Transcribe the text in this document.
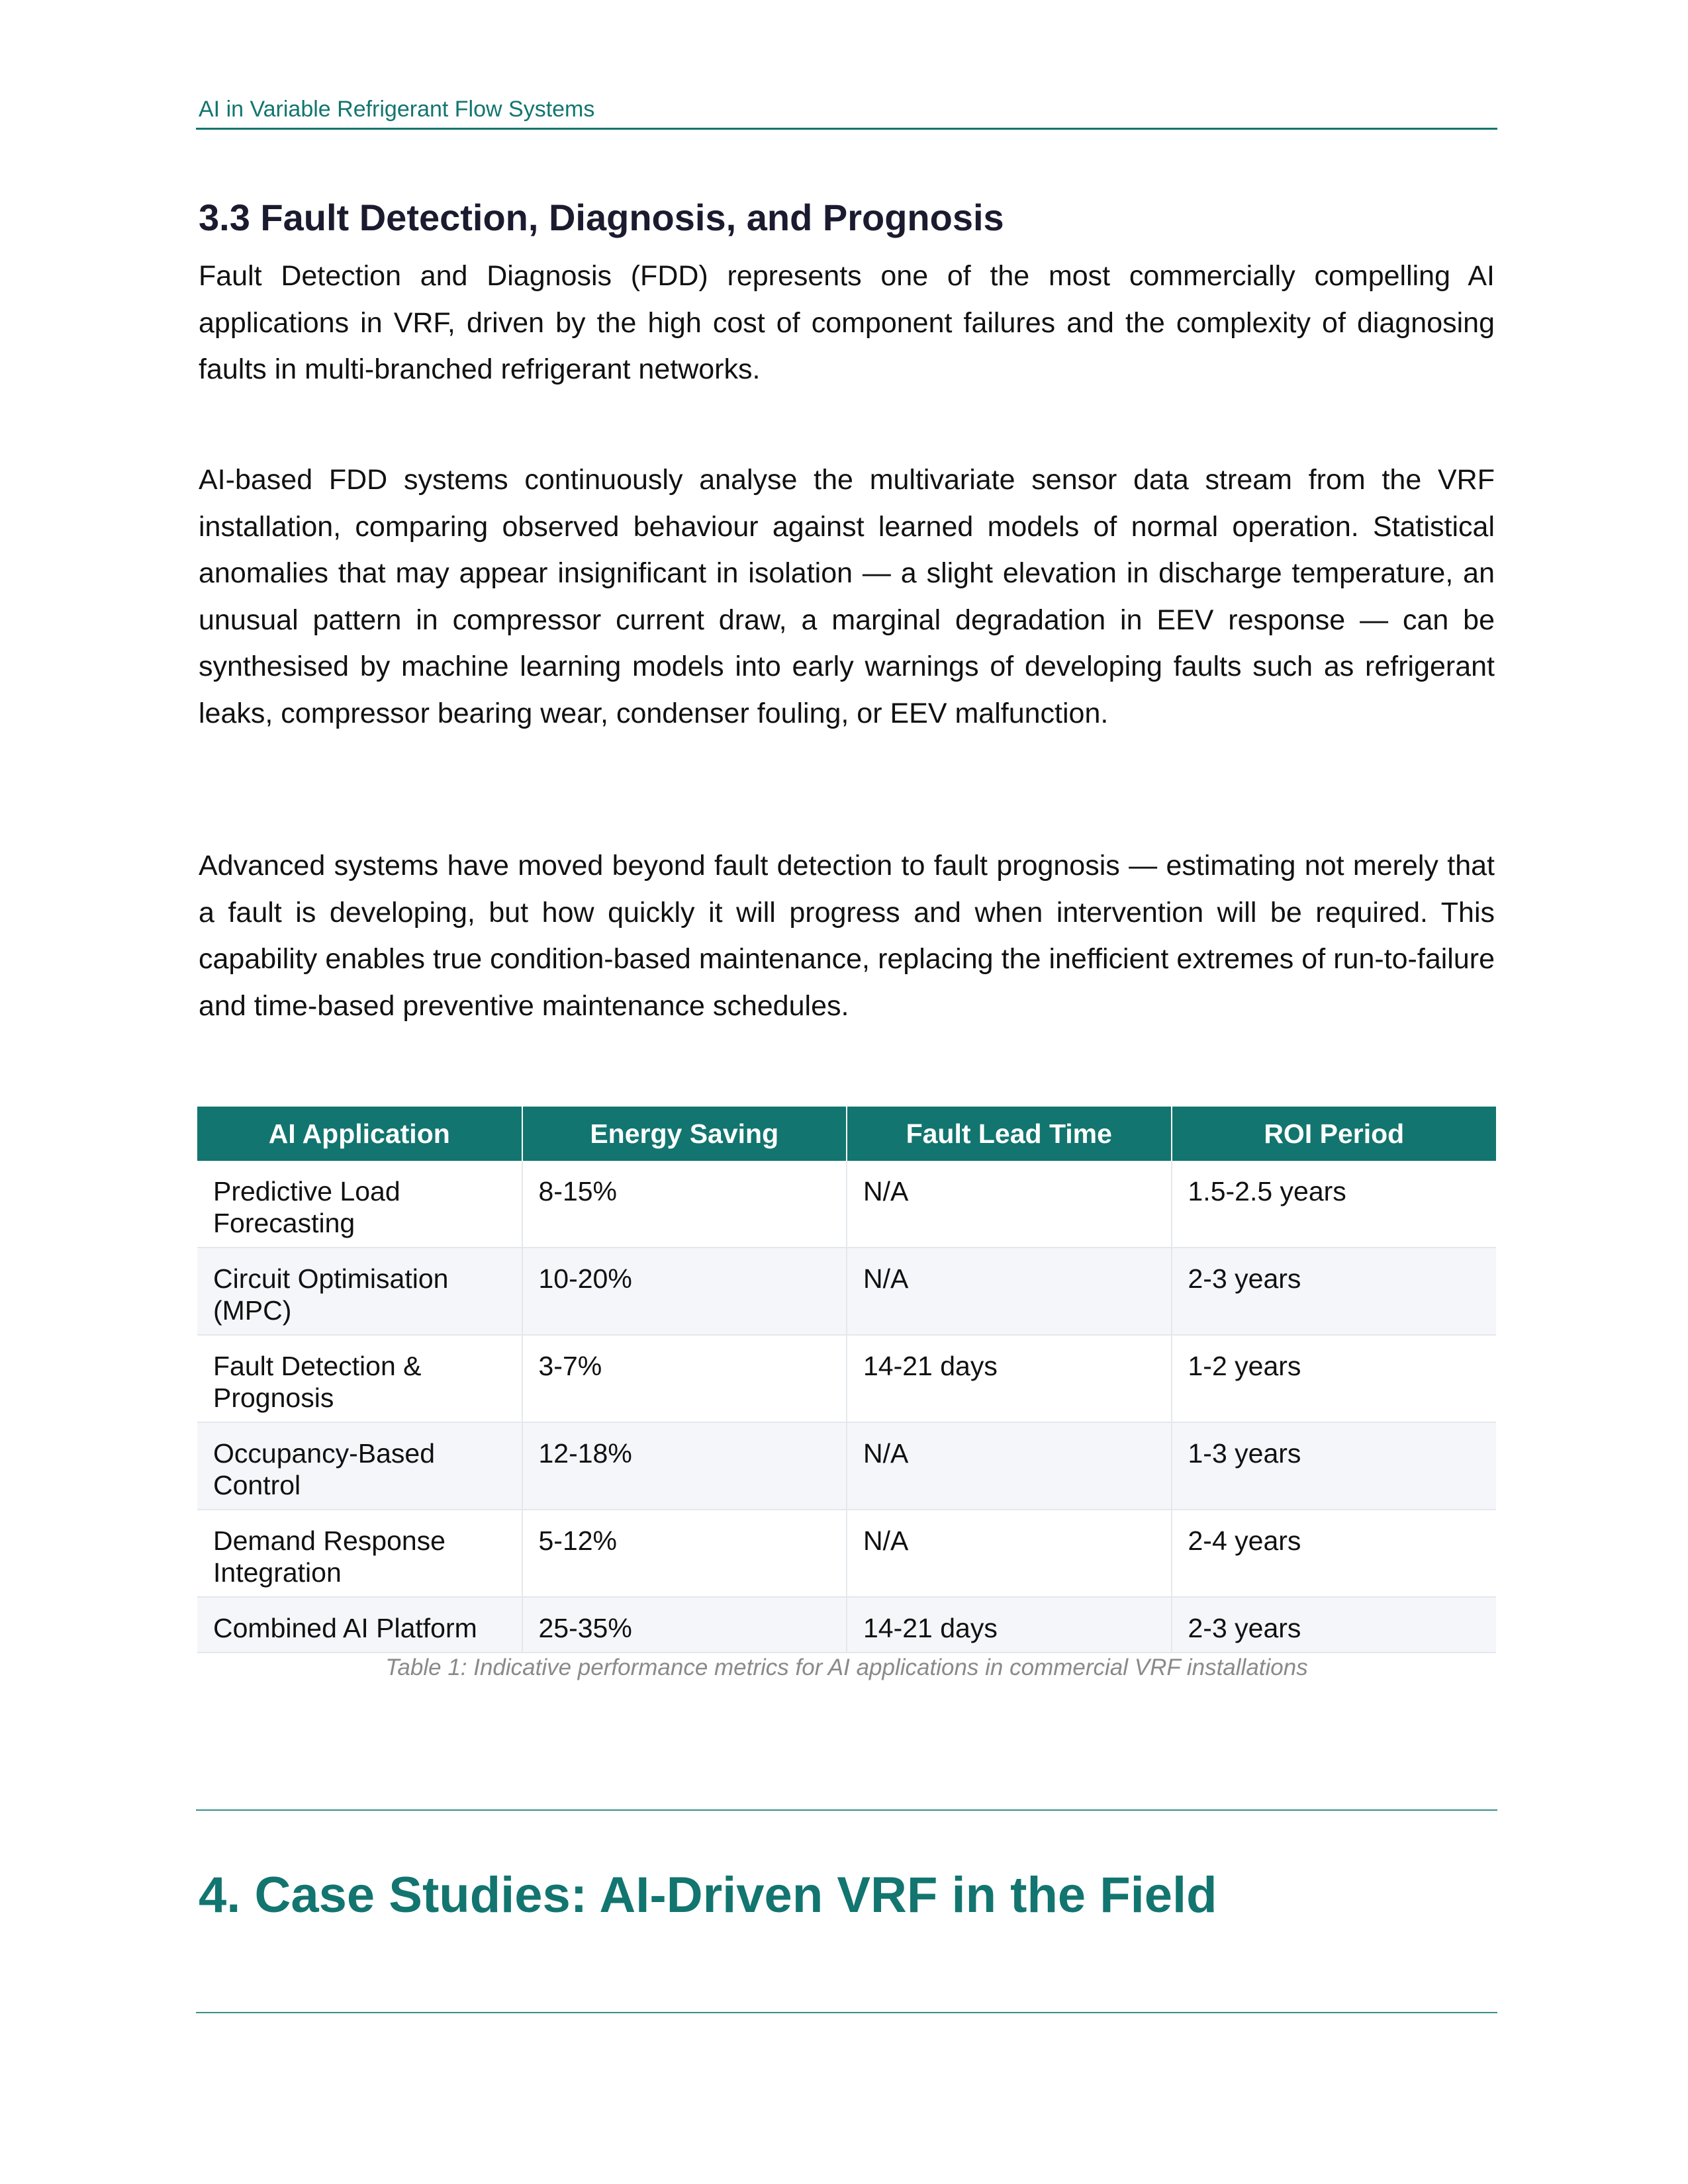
AI in Variable Refrigerant Flow Systems
3.3 Fault Detection, Diagnosis, and Prognosis

Fault Detection and Diagnosis (FDD) represents one of the most commercially compelling AI applications in VRF, driven by the high cost of component failures and the complexity of diagnosing faults in multi-branched refrigerant networks.

AI-based FDD systems continuously analyse the multivariate sensor data stream from the VRF installation, comparing observed behaviour against learned models of normal operation. Statistical anomalies that may appear insignificant in isolation — a slight elevation in discharge temperature, an unusual pattern in compressor current draw, a marginal degradation in EEV response — can be synthesised by machine learning models into early warnings of developing faults such as refrigerant leaks, compressor bearing wear, condenser fouling, or EEV malfunction.

Advanced systems have moved beyond fault detection to fault prognosis — estimating not merely that a fault is developing, but how quickly it will progress and when intervention will be required. This capability enables true condition-based maintenance, replacing the inefficient extremes of run-to-failure and time-based preventive maintenance schedules.

AI Application	Energy Saving	Fault Lead Time	ROI Period
Predictive Load Forecasting	8-15%	N/A	1.5-2.5 years
Circuit Optimisation (MPC)	10-20%	N/A	2-3 years
Fault Detection & Prognosis	3-7%	14-21 days	1-2 years
Occupancy-Based Control	12-18%	N/A	1-3 years
Demand Response Integration	5-12%	N/A	2-4 years
Combined AI Platform	25-35%	14-21 days	2-3 years
Table 1: Indicative performance metrics for AI applications in commercial VRF installations
4. Case Studies: AI-Driven VRF in the Field
